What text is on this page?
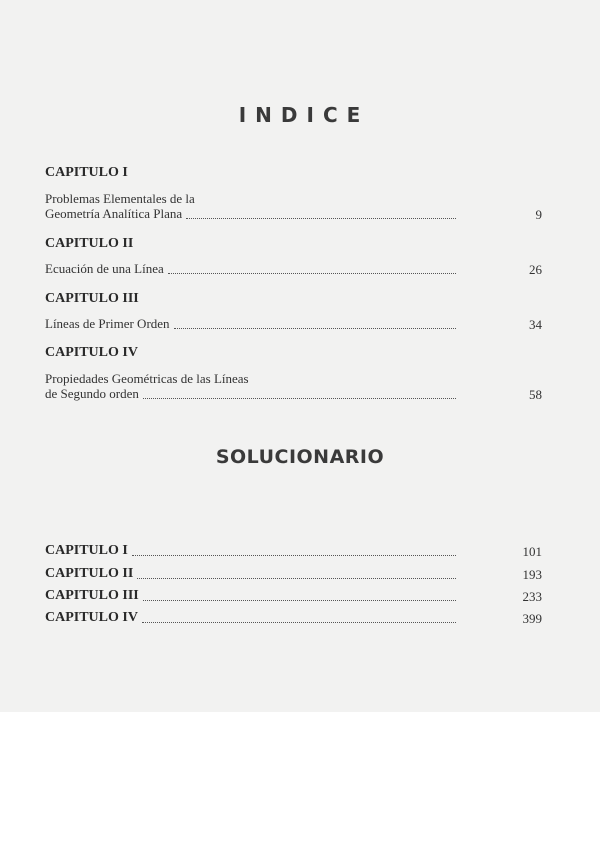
INDICE
CAPITULO I
Problemas Elementales de la
Geometría Analítica Plana	9
CAPITULO II
Ecuación de una Línea	26
CAPITULO III
Líneas de Primer Orden	34
CAPITULO IV
Propiedades Geométricas de las Líneas
de Segundo orden	58
SOLUCIONARIO
CAPITULO I	101
CAPITULO II	193
CAPITULO III	233
CAPITULO IV	399
